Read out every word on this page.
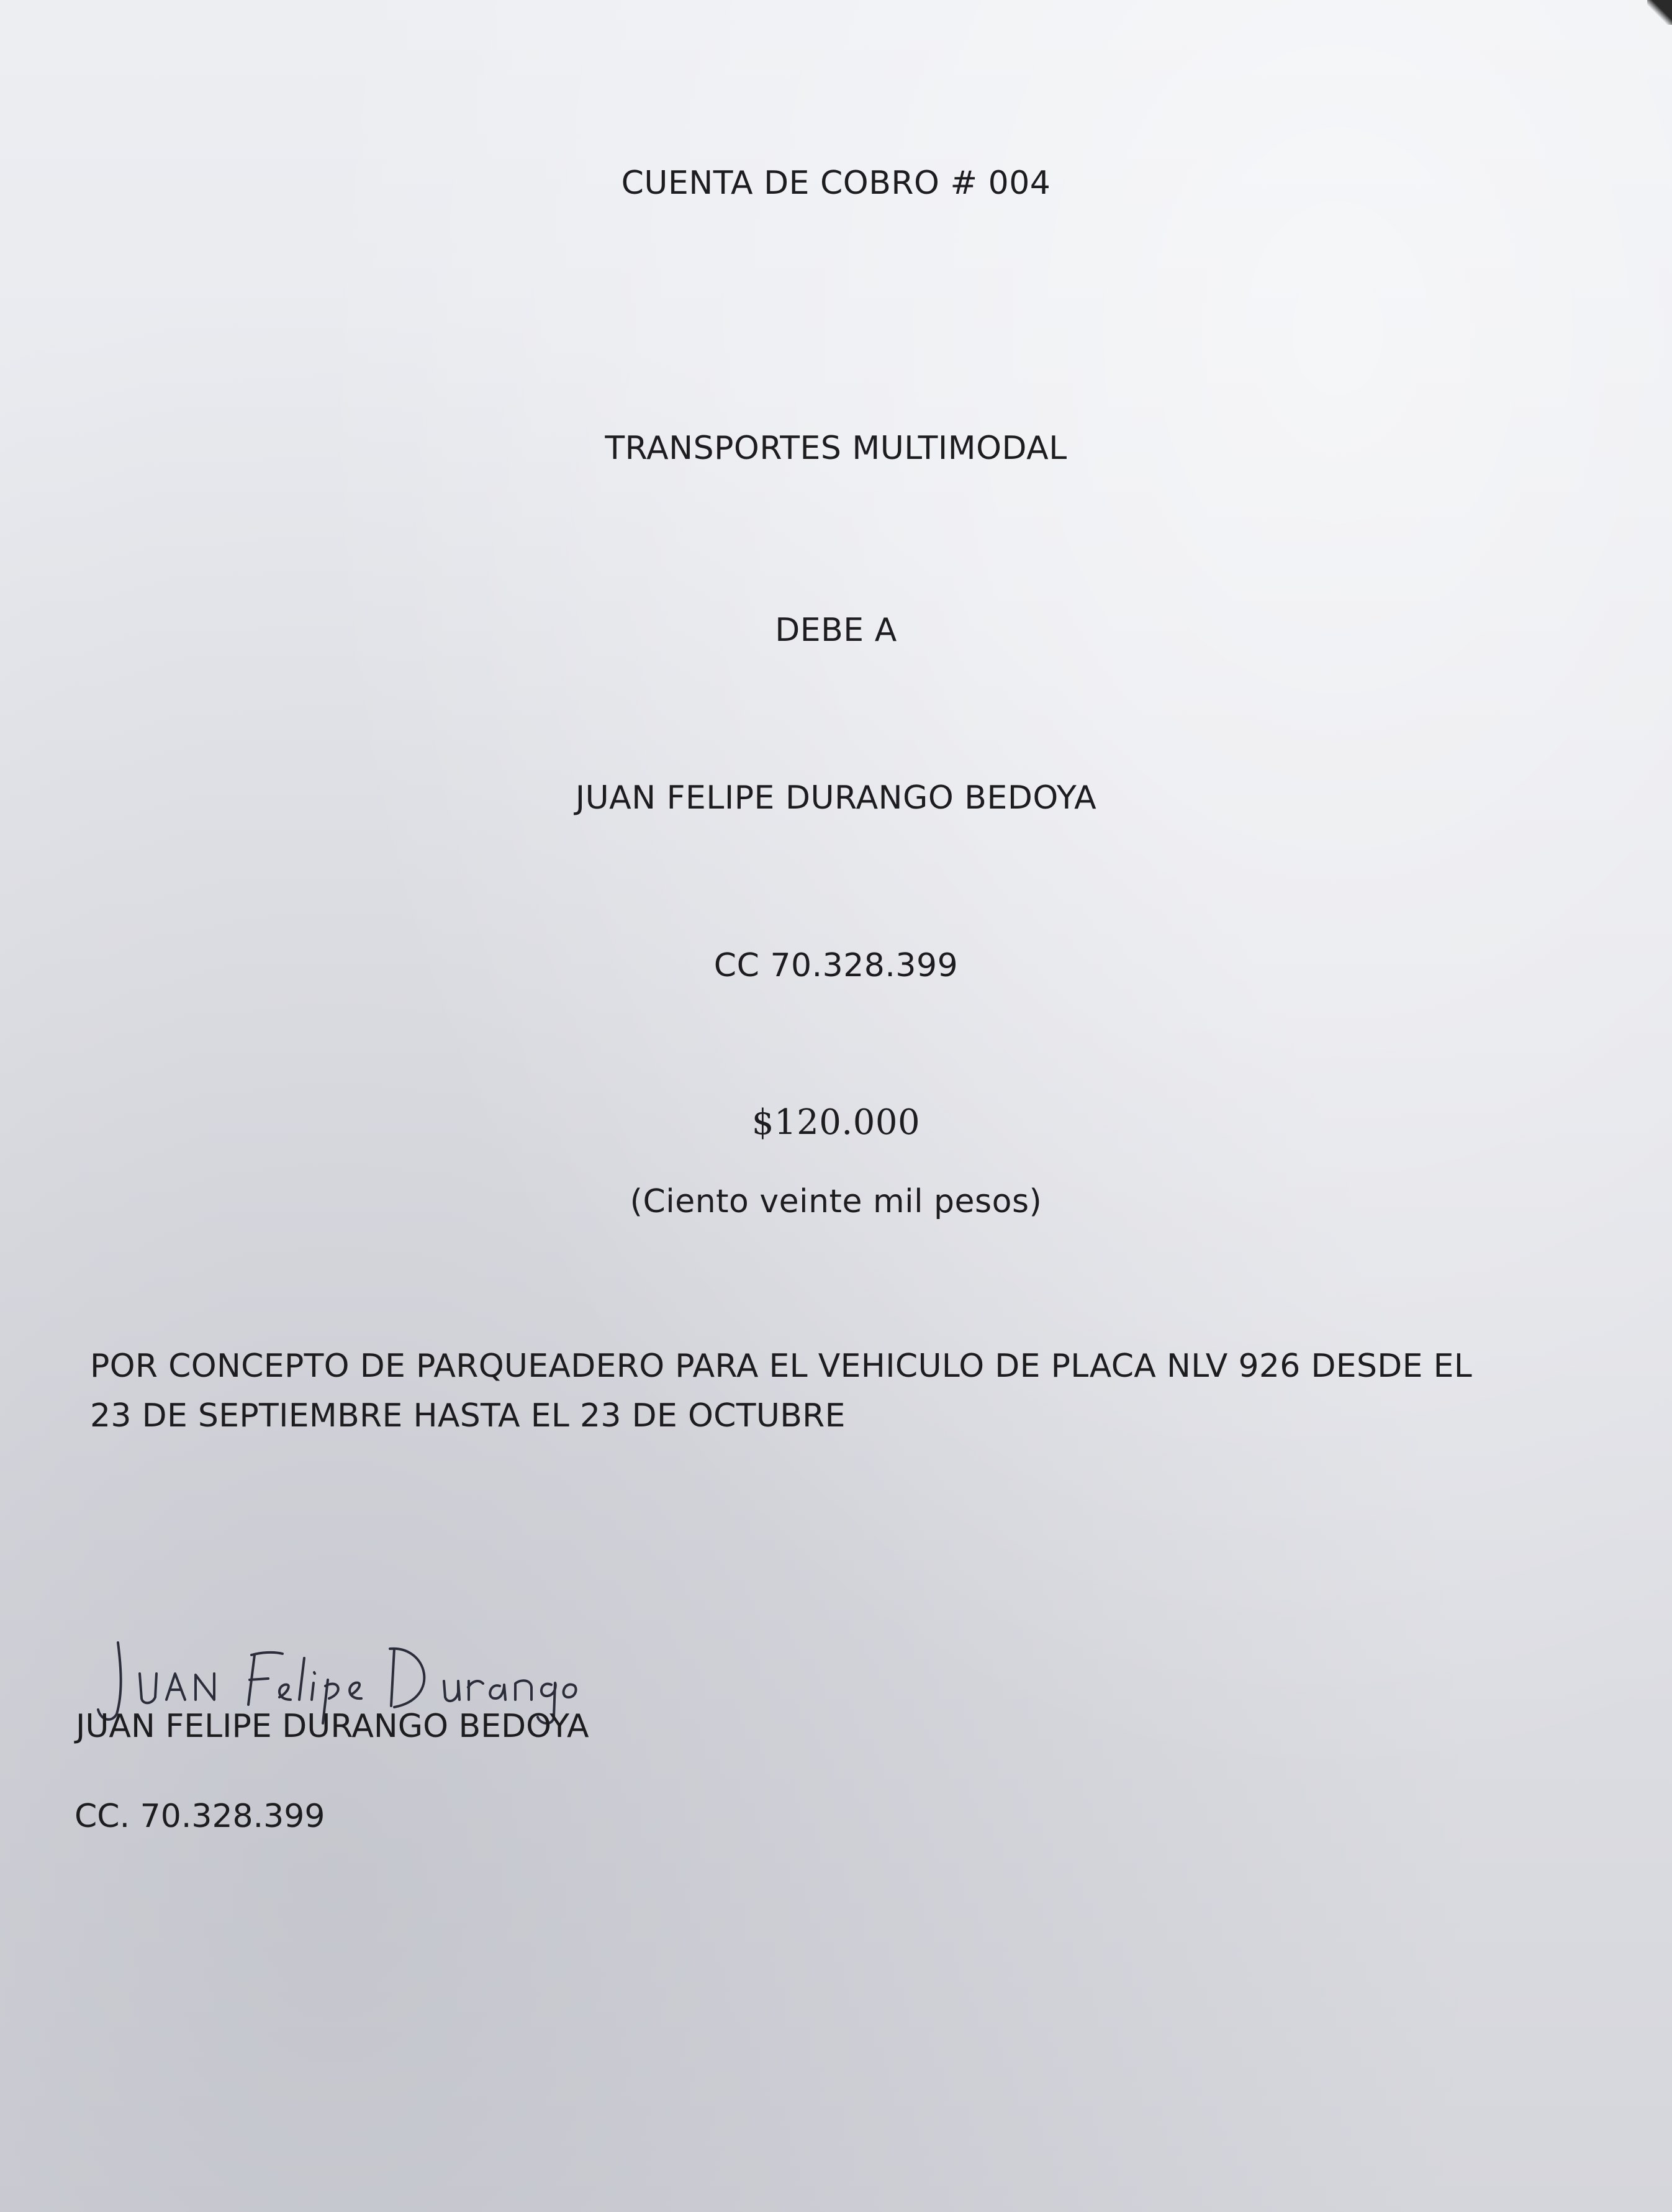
CUENTA DE COBRO # 004
TRANSPORTES MULTIMODAL
DEBE A
JUAN FELIPE DURANGO BEDOYA
CC 70.328.399
$120.000
(Ciento veinte mil pesos)
POR CONCEPTO DE PARQUEADERO PARA EL VEHICULO DE PLACA NLV 926 DESDE EL 23 DE SEPTIEMBRE HASTA EL 23 DE OCTUBRE
JUAN FELIPE DURANGO BEDOYA
CC. 70.328.399
